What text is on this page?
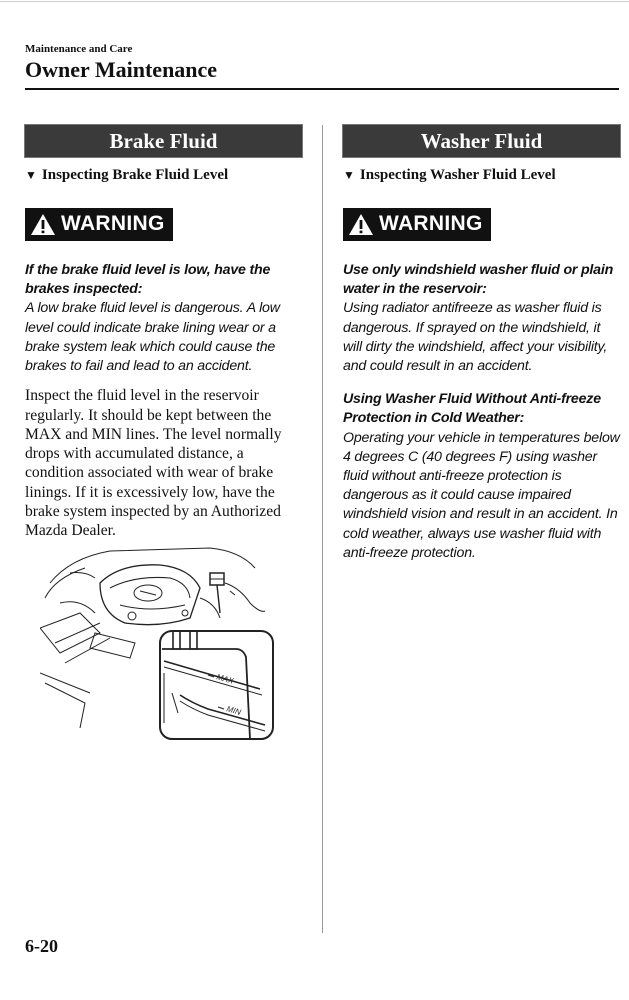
Maintenance and Care
Owner Maintenance
Brake Fluid
▼ Inspecting Brake Fluid Level
WARNING
If the brake fluid level is low, have the brakes inspected:
A low brake fluid level is dangerous. A low level could indicate brake lining wear or a brake system leak which could cause the brakes to fail and lead to an accident.
Inspect the fluid level in the reservoir regularly. It should be kept between the MAX and MIN lines. The level normally drops with accumulated distance, a condition associated with wear of brake linings. If it is excessively low, have the brake system inspected by an Authorized Mazda Dealer.
MAX
MIN
Washer Fluid
▼ Inspecting Washer Fluid Level
WARNING
Use only windshield washer fluid or plain water in the reservoir:
Using radiator antifreeze as washer fluid is dangerous. If sprayed on the windshield, it will dirty the windshield, affect your visibility, and could result in an accident.
Using Washer Fluid Without Anti-freeze Protection in Cold Weather:
Operating your vehicle in temperatures below 4 degrees C (40 degrees F) using washer fluid without anti-freeze protection is dangerous as it could cause impaired windshield vision and result in an accident. In cold weather, always use washer fluid with anti-freeze protection.
6-20
